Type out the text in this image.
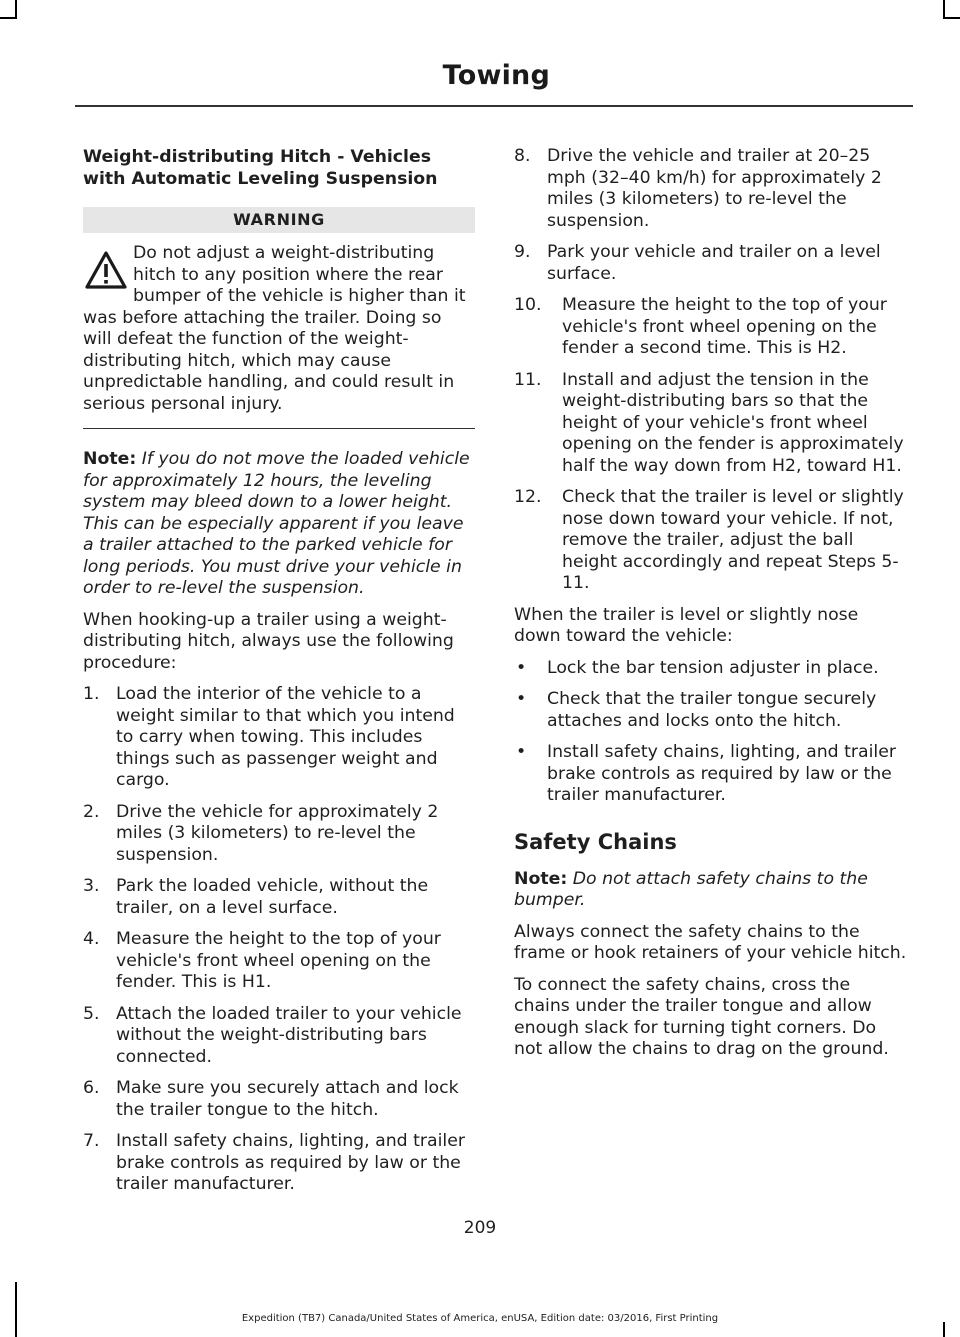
Towing
Weight-distributing Hitch - Vehicles with Automatic Leveling Suspension
WARNING

Do not adjust a weight-distributing hitch to any position where the rear bumper of the vehicle is higher than it was before attaching the trailer. Doing so will defeat the function of the weight-distributing hitch, which may cause unpredictable handling, and could result in serious personal injury.

Note: If you do not move the loaded vehicle for approximately 12 hours, the leveling system may bleed down to a lower height. This can be especially apparent if you leave a trailer attached to the parked vehicle for long periods. You must drive your vehicle in order to re-level the suspension.

When hooking-up a trailer using a weight-distributing hitch, always use the following procedure:

1. Load the interior of the vehicle to a weight similar to that which you intend to carry when towing. This includes things such as passenger weight and cargo.
2. Drive the vehicle for approximately 2 miles (3 kilometers) to re-level the suspension.
3. Park the loaded vehicle, without the trailer, on a level surface.
4. Measure the height to the top of your vehicle's front wheel opening on the fender. This is H1.
5. Attach the loaded trailer to your vehicle without the weight-distributing bars connected.
6. Make sure you securely attach and lock the trailer tongue to the hitch.
7. Install safety chains, lighting, and trailer brake controls as required by law or the trailer manufacturer.
8. Drive the vehicle and trailer at 20–25 mph (32–40 km/h) for approximately 2 miles (3 kilometers) to re-level the suspension.
9. Park your vehicle and trailer on a level surface.
10. Measure the height to the top of your vehicle's front wheel opening on the fender a second time. This is H2.
11. Install and adjust the tension in the weight-distributing bars so that the height of your vehicle's front wheel opening on the fender is approximately half the way down from H2, toward H1.
12. Check that the trailer is level or slightly nose down toward your vehicle. If not, remove the trailer, adjust the ball height accordingly and repeat Steps 5-11.

When the trailer is level or slightly nose down toward the vehicle:

• Lock the bar tension adjuster in place.
• Check that the trailer tongue securely attaches and locks onto the hitch.
• Install safety chains, lighting, and trailer brake controls as required by law or the trailer manufacturer.
Safety Chains

Note: Do not attach safety chains to the bumper.

Always connect the safety chains to the frame or hook retainers of your vehicle hitch.

To connect the safety chains, cross the chains under the trailer tongue and allow enough slack for turning tight corners. Do not allow the chains to drag on the ground.

209
Expedition (TB7) Canada/United States of America, enUSA, Edition date: 03/2016, First Printing
